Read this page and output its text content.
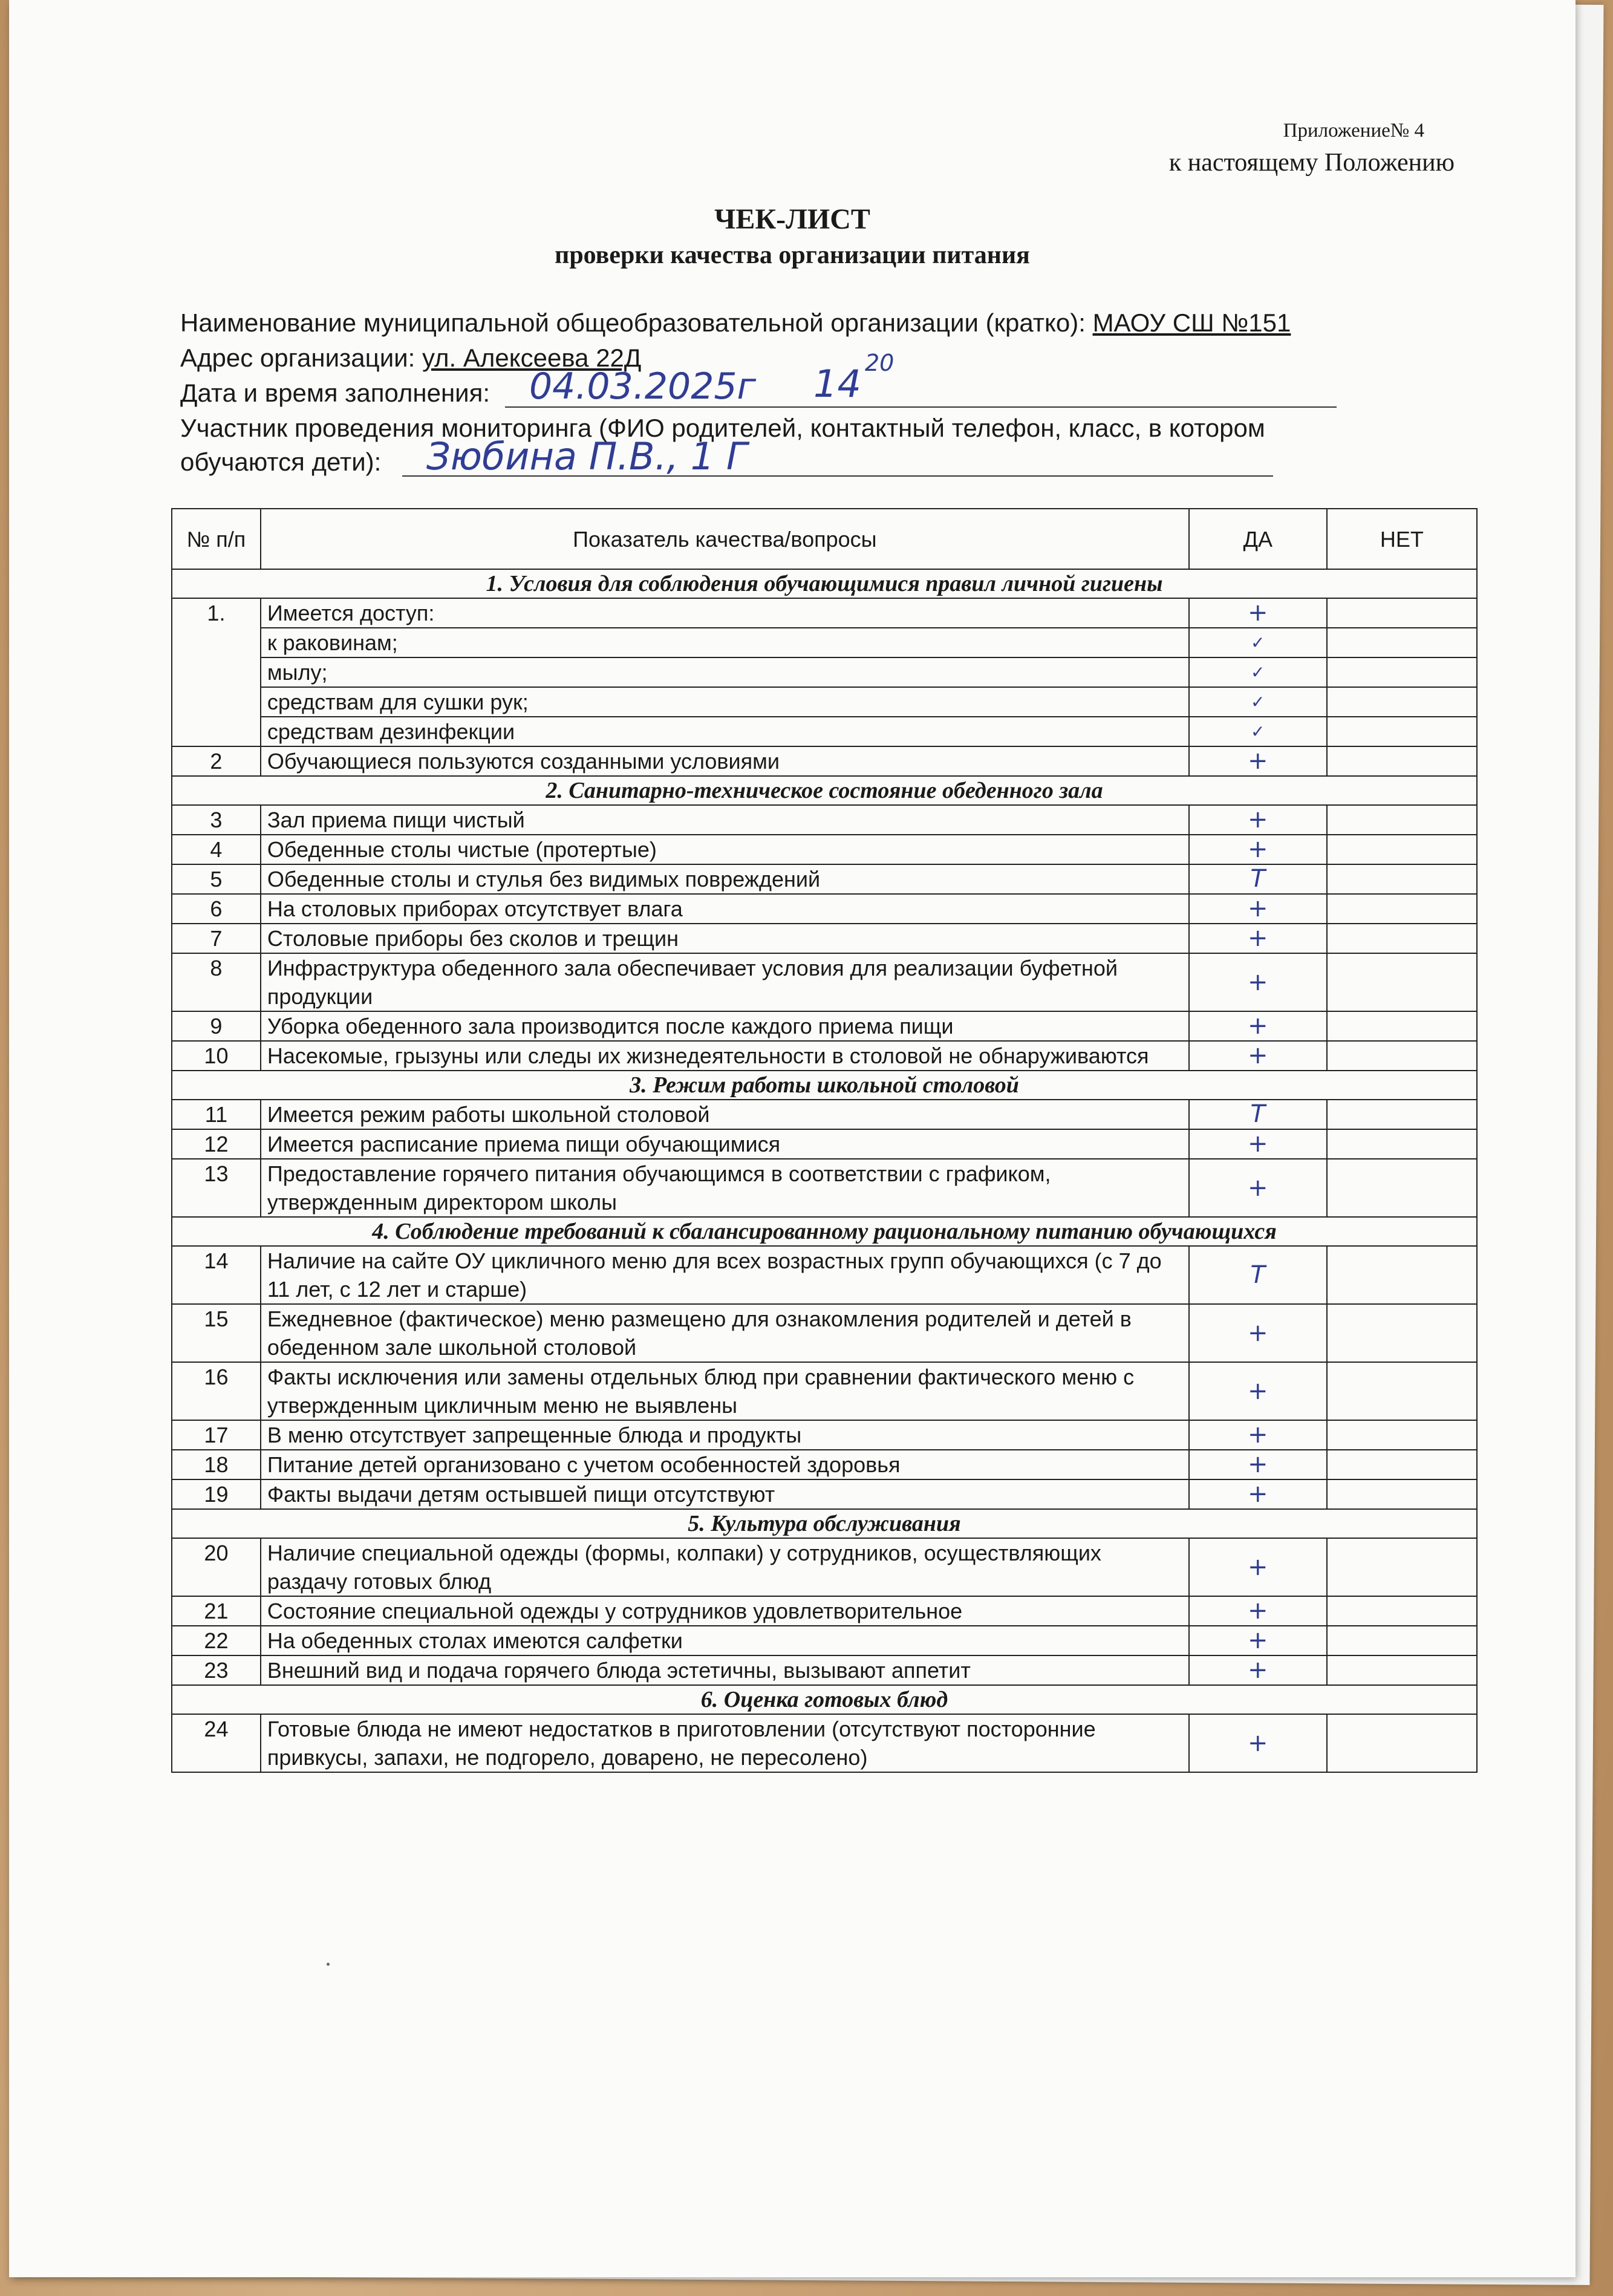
Приложение№ 4
к настоящему Положению
ЧЕК-ЛИСТ
проверки качества организации питания
Наименование муниципальной общеобразовательной организации (кратко): МАОУ СШ №151
Адрес организации: ул. Алексеева 22Д
Дата и время заполнения: 04.03.2025г 14 20
Участник проведения мониторинга (ФИО родителей, контактный телефон, класс, в котором
обучаются дети): Зюбина П.В., 1 Г
№ п/п	Показатель качества/вопросы	ДА	НЕТ
1. Условия для соблюдения обучающимися правил личной гигиены			
1.	Имеется доступ:	+	
	к раковинам;	✓	
	мылу;	✓	
	средствам для сушки рук;	✓	
	средствам дезинфекции	✓	
2	Обучающиеся пользуются созданными условиями	+	
2. Санитарно-техническое состояние обеденного зала			
3	Зал приема пищи чистый	+	
4	Обеденные столы чистые (протертые)	+	
5	Обеденные столы и стулья без видимых повреждений	T	
6	На столовых приборах отсутствует влага	+	
7	Столовые приборы без сколов и трещин	+	
8	Инфраструктура обеденного зала обеспечивает условия для реализации буфетной продукции	+	
9	Уборка обеденного зала производится после каждого приема пищи	+	
10	Насекомые, грызуны или следы их жизнедеятельности в столовой не обнаруживаются	+	
3. Режим работы школьной столовой			
11	Имеется режим работы школьной столовой	T	
12	Имеется расписание приема пищи обучающимися	+	
13	Предоставление горячего питания обучающимся в соответствии с графиком, утвержденным директором школы	+	
4. Соблюдение требований к сбалансированному рациональному питанию обучающихся			
14	Наличие на сайте ОУ цикличного меню для всех возрастных групп обучающихся (с 7 до 11 лет, с 12 лет и старше)	T	
15	Ежедневное (фактическое) меню размещено для ознакомления родителей и детей в обеденном зале школьной столовой	+	
16	Факты исключения или замены отдельных блюд при сравнении фактического меню с утвержденным цикличным меню не выявлены	+	
17	В меню отсутствует запрещенные блюда и продукты	+	
18	Питание детей организовано с учетом особенностей здоровья	+	
19	Факты выдачи детям остывшей пищи отсутствуют	+	
5. Культура обслуживания			
20	Наличие специальной одежды (формы, колпаки) у сотрудников, осуществляющих раздачу готовых блюд	+	
21	Состояние специальной одежды у сотрудников удовлетворительное	+	
22	На обеденных столах имеются салфетки	+	
23	Внешний вид и подача горячего блюда эстетичны, вызывают аппетит	+	
6. Оценка готовых блюд			
24	Готовые блюда не имеют недостатков в приготовлении (отсутствуют посторонние привкусы, запахи, не подгорело, доварено, не пересолено)	+	
